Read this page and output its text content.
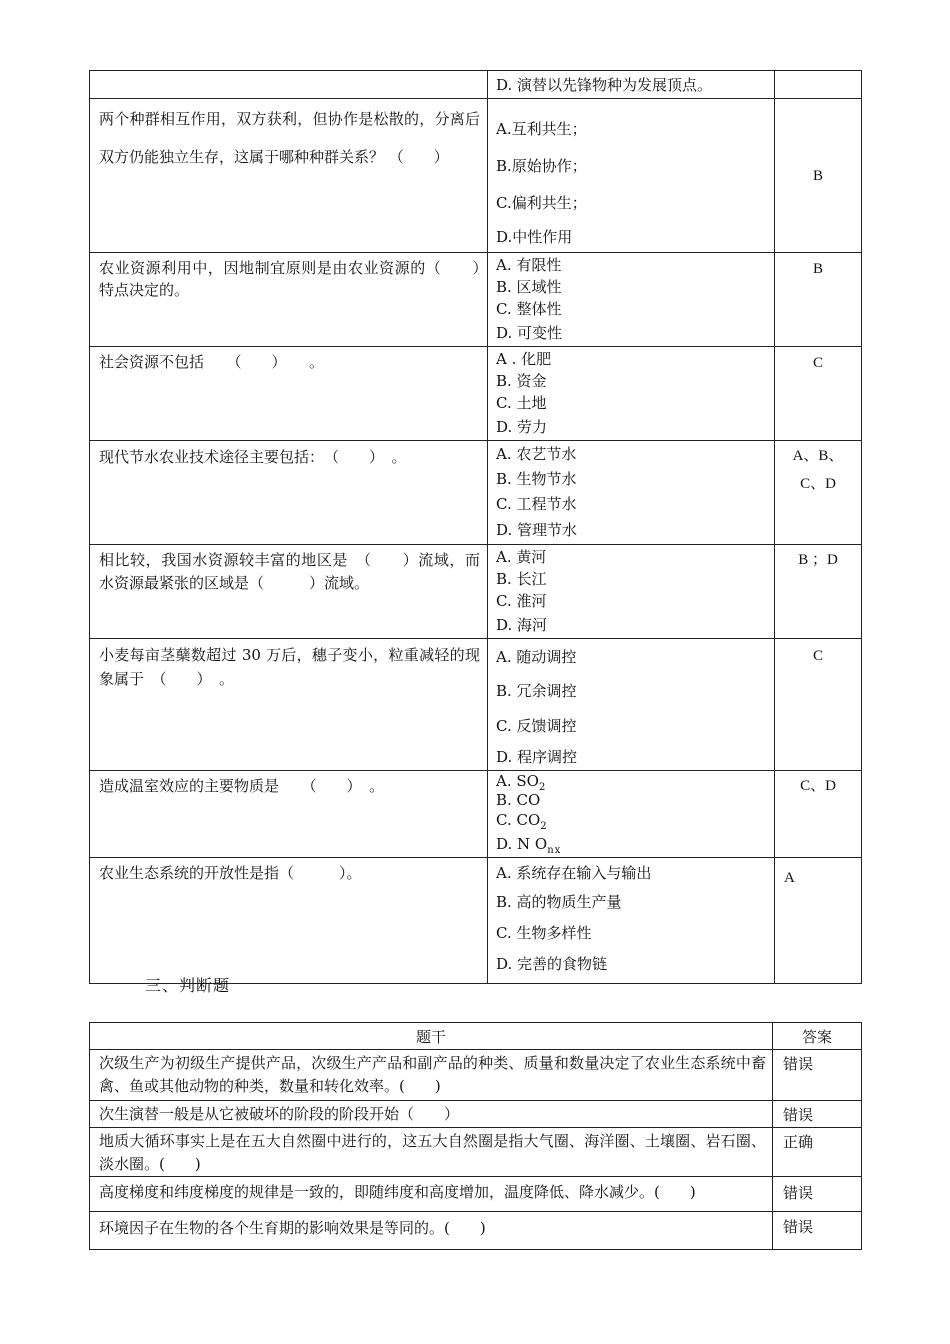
	D. 演替以先锋物种为发展顶点。	

两个种群相互作用，双方获利，但协作是松散的，分离后双方仍能独立生存，这属于哪种种群关系？ （　　）	A.互利共生；
B.原始协作；
C.偏利共生；
D.中性作用	B
农业资源利用中，因地制宜原则是由农业资源的（　　）　特点决定的。	A. 有限性
B. 区域性
C. 整体性
D. 可变性	B
社会资源不包括　　（　　）　　。	A . 化肥
B. 资金
C. 土地
D. 劳力	C
现代节水农业技术途径主要包括：　（　　）　。	A. 农艺节水
B. 生物节水
C. 工程节水
D. 管理节水	A、B、C、D
相比较，我国水资源较丰富的地区是　（　　）流域，而水资源最紧张的区域是（　　　）流域。	A. 黄河
B. 长江
C. 淮河
D. 海河	B ；D
小麦每亩茎蘖数超过 30 万后，穗子变小，粒重减轻的现象属于　（　　）　。	A. 随动调控
B. 冗余调控
C. 反馈调控
D. 程序调控	C
造成温室效应的主要物质是　　（　　）　。	A. $SO_2$
B. CO
C. $CO_2$
D. N $O_{nx}$	C、D
农业生态系统的开放性是指（　　　）。	A. 系统存在输入与输出
B. 高的物质生产量
C. 生物多样性
D. 完善的食物链	A
三、判断题
题干	答案
次级生产为初级生产提供产品，次级生产产品和副产品的种类、质量和数量决定了农业生态系统中畜禽、鱼或其他动物的种类，数量和转化效率。(　　)	错误
次生演替一般是从它被破坏的阶段的阶段开始（　　）	错误
地质大循环事实上是在五大自然圈中进行的，这五大自然圈是指大气圈、海洋圈、土壤圈、岩石圈、淡水圈。(　　)	正确
高度梯度和纬度梯度的规律是一致的，即随纬度和高度增加，温度降低、降水减少。(　　)	错误
环境因子在生物的各个生育期的影响效果是等同的。(　　)	错误
